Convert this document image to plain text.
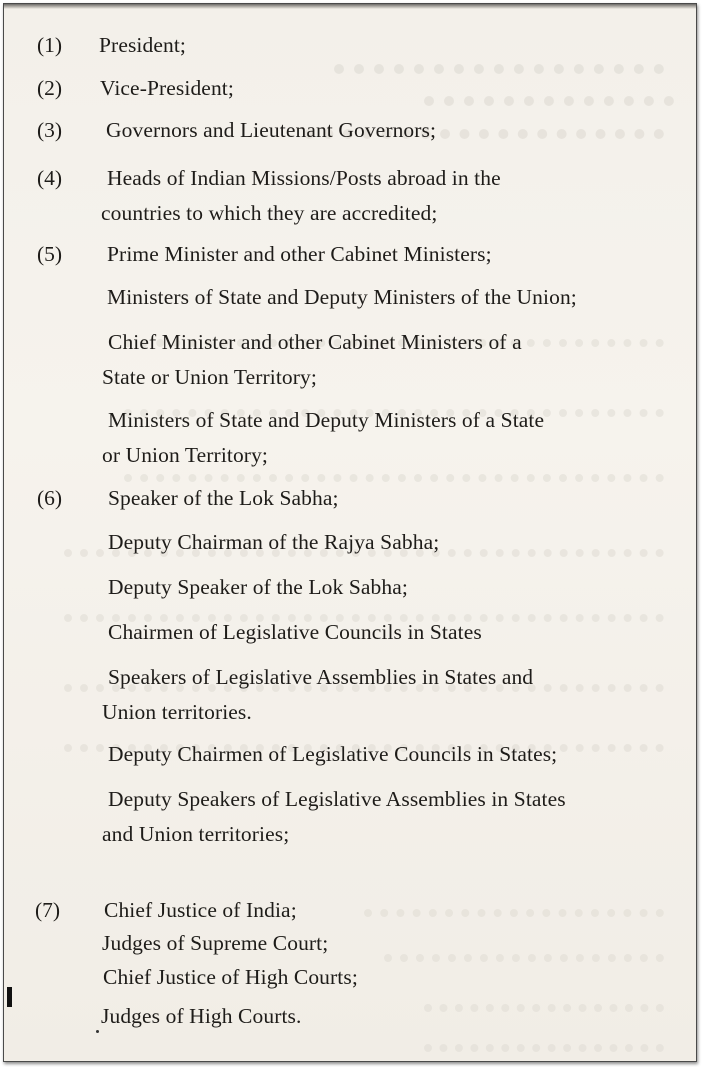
(1) President;
(2) Vice-President;
(3) Governors and Lieutenant Governors;
(4) Heads of Indian Missions/Posts abroad in the
countries to which they are accredited;
(5) Prime Minister and other Cabinet Ministers;
Ministers of State and Deputy Ministers of the Union;
Chief Minister and other Cabinet Ministers of a
State or Union Territory;
Ministers of State and Deputy Ministers of a State
or Union Territory;
(6) Speaker of the Lok Sabha;
Deputy Chairman of the Rajya Sabha;
Deputy Speaker of the Lok Sabha;
Chairmen of Legislative Councils in States
Speakers of Legislative Assemblies in States and
Union territories.
Deputy Chairmen of Legislative Councils in States;
Deputy Speakers of Legislative Assemblies in States
and Union territories;
(7) Chief Justice of India;
Judges of Supreme Court;
Chief Justice of High Courts;
Judges of High Courts.
